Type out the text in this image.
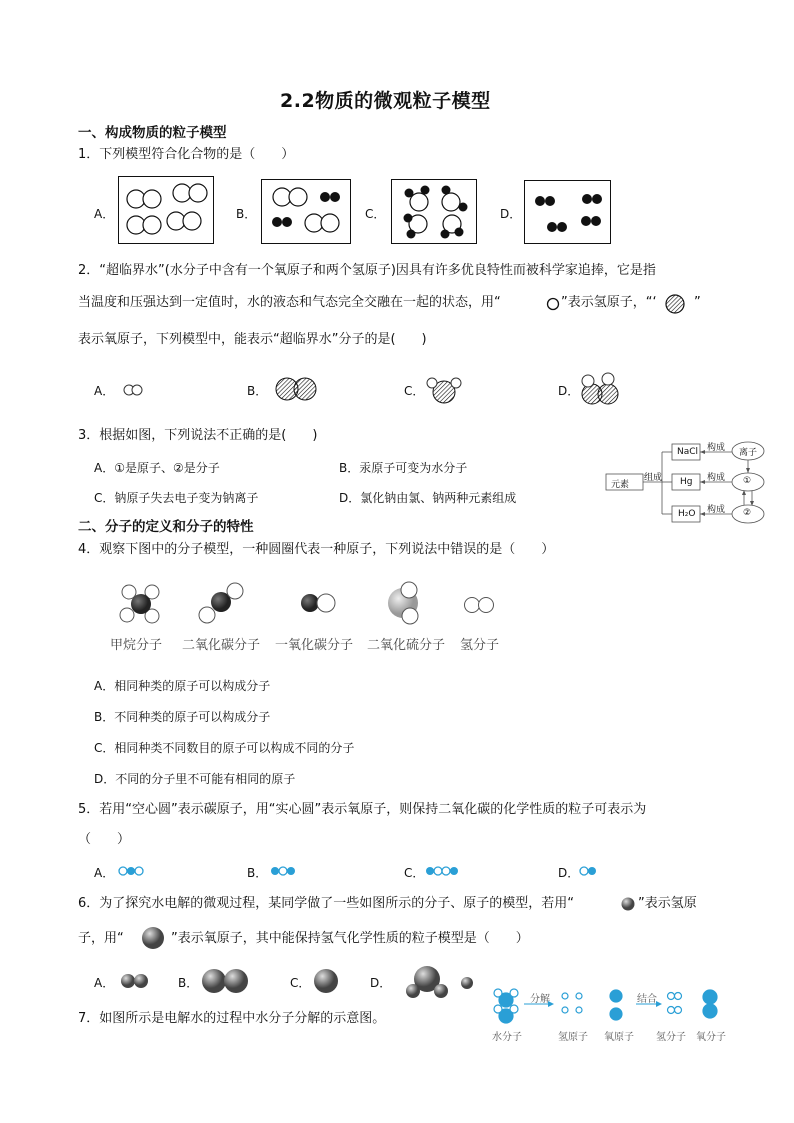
2.2物质的微观粒子模型
一、构成物质的粒子模型
1．下列模型符合化合物的是（　　）
A．	B．	C．	D．
2．“超临界水”(水分子中含有一个氧原子和两个氢原子)因具有许多优良特性而被科学家追捧，它是指
当温度和压强达到一定值时，水的液态和气态完全交融在一起的状态，用“	”表示氢原子，“‘	”
表示氧原子，下列模型中，能表示“超临界水”分子的是(　　)
A．	B．	C．	D．
3．根据如图，下列说法不正确的是(　　)
A．①是原子、②是分子	B．汞原子可变为水分子
C．钠原子失去电子变为钠离子	D．氯化钠由氯、钠两种元素组成
元素
组成
NaCl
Hg
H₂O
构成
构成
构成
离子
①
②
二、分子的定义和分子的特性
4．观察下图中的分子模型，一种圆圈代表一种原子，下列说法中错误的是（　　）
甲烷分子 二氧化碳分子 一氧化碳分子 二氧化硫分子 氢分子
A．相同种类的原子可以构成分子
B．不同种类的原子可以构成分子
C．相同种类不同数目的原子可以构成不同的分子
D．不同的分子里不可能有相同的原子
5．若用“空心圆”表示碳原子，用“实心圆”表示氧原子，则保持二氧化碳的化学性质的粒子可表示为
（　　）
A．	B．	C．	D．
6．为了探究水电解的微观过程，某同学做了一些如图所示的分子、原子的模型，若用“	”表示氢原
子，用“	”表示氧原子，其中能保持氢气化学性质的粒子模型是（　　）
A．	B．	C．	D．
7．如图所示是电解水的过程中水分子分解的示意图。
分解	结合
水分子	氢原子 氧原子 氢分子 氧分子
